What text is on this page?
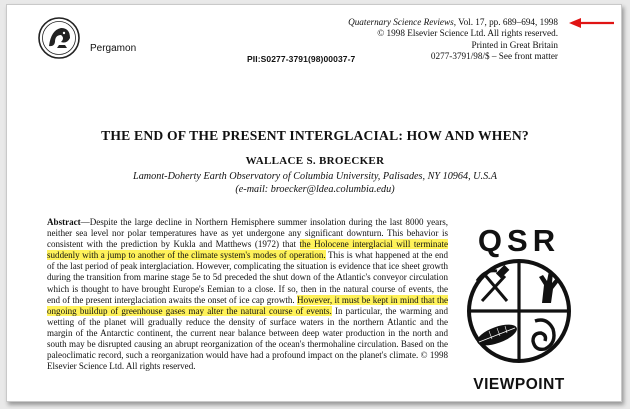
Pergamon
PII:S0277-3791(98)00037-7
Quaternary Science Reviews, Vol. 17, pp. 689–694, 1998
© 1998 Elsevier Science Ltd. All rights reserved.
Printed in Great Britain
0277-3791/98/$ – See front matter
THE END OF THE PRESENT INTERGLACIAL: HOW AND WHEN?
WALLACE S. BROECKER
Lamont-Doherty Earth Observatory of Columbia University, Palisades, NY 10964, U.S.A
(e-mail: broecker@ldea.columbia.edu)

Abstract—Despite the large decline in Northern Hemisphere summer insolation during the last 8000 years, neither sea level nor polar temperatures have as yet undergone any significant downturn. This behavior is consistent with the prediction by Kukla and Matthews (1972) that the Holocene interglacial will terminate suddenly with a jump to another of the climate system's modes of operation. This is what happened at the end of the last period of peak interglaciation. However, complicating the situation is evidence that ice sheet growth during the transition from marine stage 5e to 5d preceded the shut down of the Atlantic's conveyor circulation which is thought to have brought Europe's Eemian to a close. If so, then in the natural course of events, the end of the present interglaciation awaits the onset of ice cap growth. However, it must be kept in mind that the ongoing buildup of greenhouse gases may alter the natural course of events. In particular, the warming and wetting of the planet will gradually reduce the density of surface waters in the northern Atlantic and the margin of the Antarctic continent, the current near balance between deep water production in the north and south may be disrupted causing an abrupt reorganization of the ocean's thermohaline circulation. Based on the paleoclimatic record, such a reorganization would have had a profound impact on the planet's climate. © 1998 Elsevier Science Ltd. All rights reserved.

QSR
VIEWPOINT
